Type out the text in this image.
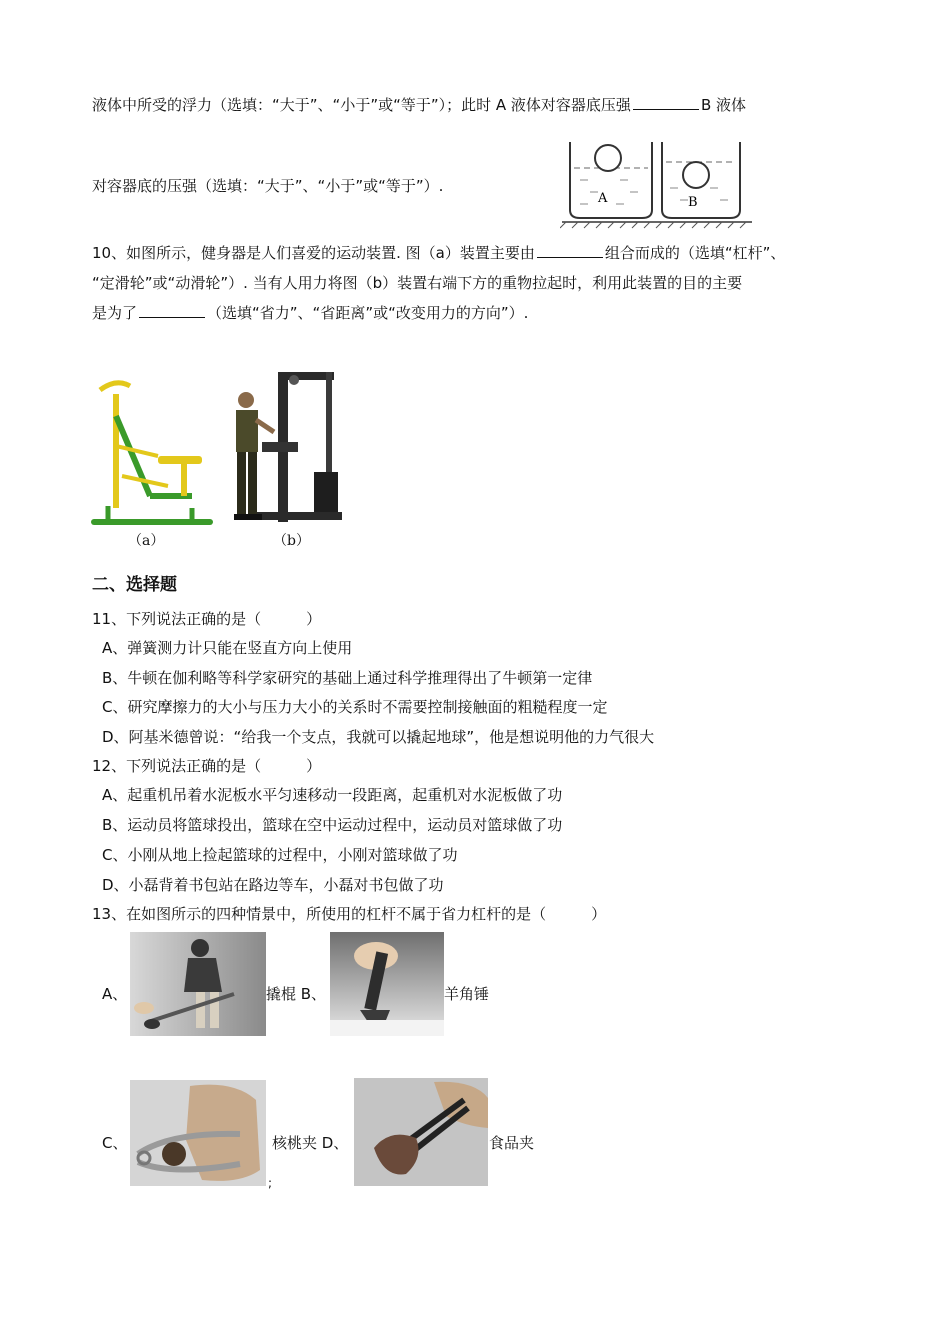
液体中所受的浮力（选填：“大于”、“小于”或“等于”）；此时 A 液体对容器底压强	B 液体
对容器底的压强（选填：“大于”、“小于”或“等于”）.
A	B
10、如图所示，健身器是人们喜爱的运动装置. 图（a）装置主要由	组合而成的（选填“杠杆”、
“定滑轮”或“动滑轮”）. 当有人用力将图（b）装置右端下方的重物拉起时，利用此装置的目的主要
是为了	（选填“省力”、“省距离”或“改变用力的方向”）.
（a）	（b）
二、选择题
11、下列说法正确的是（　　　）
A、弹簧测力计只能在竖直方向上使用
B、牛顿在伽利略等科学家研究的基础上通过科学推理得出了牛顿第一定律
C、研究摩擦力的大小与压力大小的关系时不需要控制接触面的粗糙程度一定
D、阿基米德曾说：“给我一个支点，我就可以撬起地球”，他是想说明他的力气很大
12、下列说法正确的是（　　　）
A、起重机吊着水泥板水平匀速移动一段距离，起重机对水泥板做了功
B、运动员将篮球投出，篮球在空中运动过程中，运动员对篮球做了功
C、小刚从地上捡起篮球的过程中，小刚对篮球做了功
D、小磊背着书包站在路边等车，小磊对书包做了功
13、在如图所示的四种情景中，所使用的杠杆不属于省力杠杆的是（　　　）
A、	撬棍 B、	羊角锤
C、	核桃夹 D、
;
食品夹
